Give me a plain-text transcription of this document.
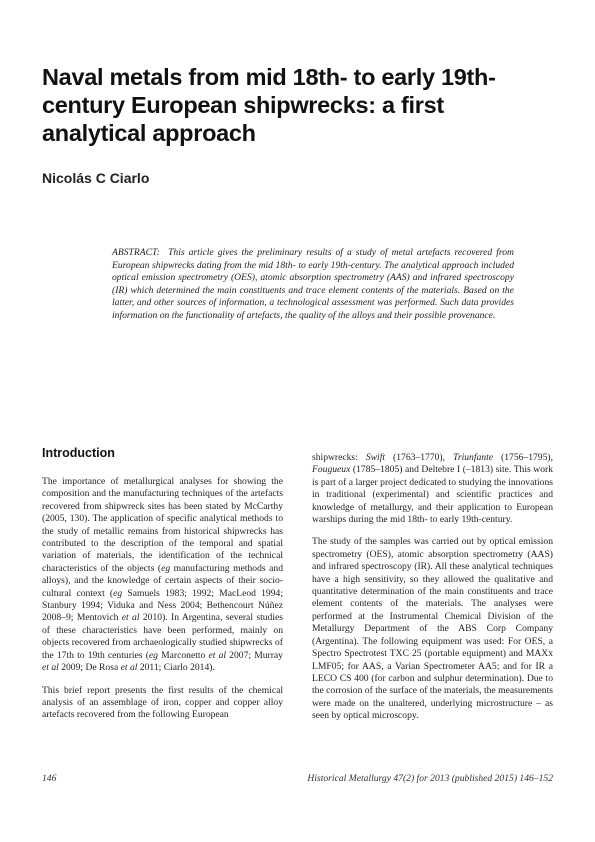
Naval metals from mid 18th- to early 19th-century European shipwrecks: a first analytical approach
Nicolás C Ciarlo

ABSTRACT: This article gives the preliminary results of a study of metal artefacts recovered from European shipwrecks dating from the mid 18th- to early 19th-century. The analytical approach included optical emission spectrometry (OES), atomic absorption spectrometry (AAS) and infrared spectroscopy (IR) which determined the main constituents and trace element contents of the materials. Based on the latter, and other sources of information, a technological assessment was performed. Such data provides information on the functionality of artefacts, the quality of the alloys and their possible provenance.

Introduction

The importance of metallurgical analyses for showing the composition and the manufacturing techniques of the artefacts recovered from shipwreck sites has been stated by McCarthy (2005, 130). The application of specific analytical methods to the study of metallic remains from historical shipwrecks has contributed to the description of the temporal and spatial variation of materials, the identification of the technical characteristics of the objects (eg manufacturing methods and alloys), and the knowledge of certain aspects of their socio-cultural context (eg Samuels 1983; 1992; MacLeod 1994; Stanbury 1994; Viduka and Ness 2004; Bethencourt Núñez 2008–9; Mentovich et al 2010). In Argentina, several studies of these characteristics have been performed, mainly on objects recovered from archaeologically studied shipwrecks of the 17th to 19th centuries (eg Marconetto et al 2007; Murray et al 2009; De Rosa et al 2011; Ciarlo 2014).

This brief report presents the first results of the chemical analysis of an assemblage of iron, copper and copper alloy artefacts recovered from the following European

shipwrecks: Swift (1763–1770), Triunfante (1756–1795), Fougueux (1785–1805) and Deltebre I (–1813) site. This work is part of a larger project dedicated to studying the innovations in traditional (experimental) and scientific practices and knowledge of metallurgy, and their application to European warships during the mid 18th- to early 19th-century.

The study of the samples was carried out by optical emission spectrometry (OES), atomic absorption spectrometry (AAS) and infrared spectroscopy (IR). All these analytical techniques have a high sensitivity, so they allowed the qualitative and quantitative determination of the main constituents and trace element contents of the materials. The analyses were performed at the Instrumental Chemical Division of the Metallurgy Department of the ABS Corp Company (Argentina). The following equipment was used: For OES, a Spectro Spectrotest TXC 25 (portable equipment) and MAXx LMF05; for AAS, a Varian Spectrometer AA5; and for IR a LECO CS 400 (for carbon and sulphur determination). Due to the corrosion of the surface of the materials, the measurements were made on the unaltered, underlying microstructure – as seen by optical microscopy.

146	Historical Metallurgy 47(2) for 2013 (published 2015) 146–152
